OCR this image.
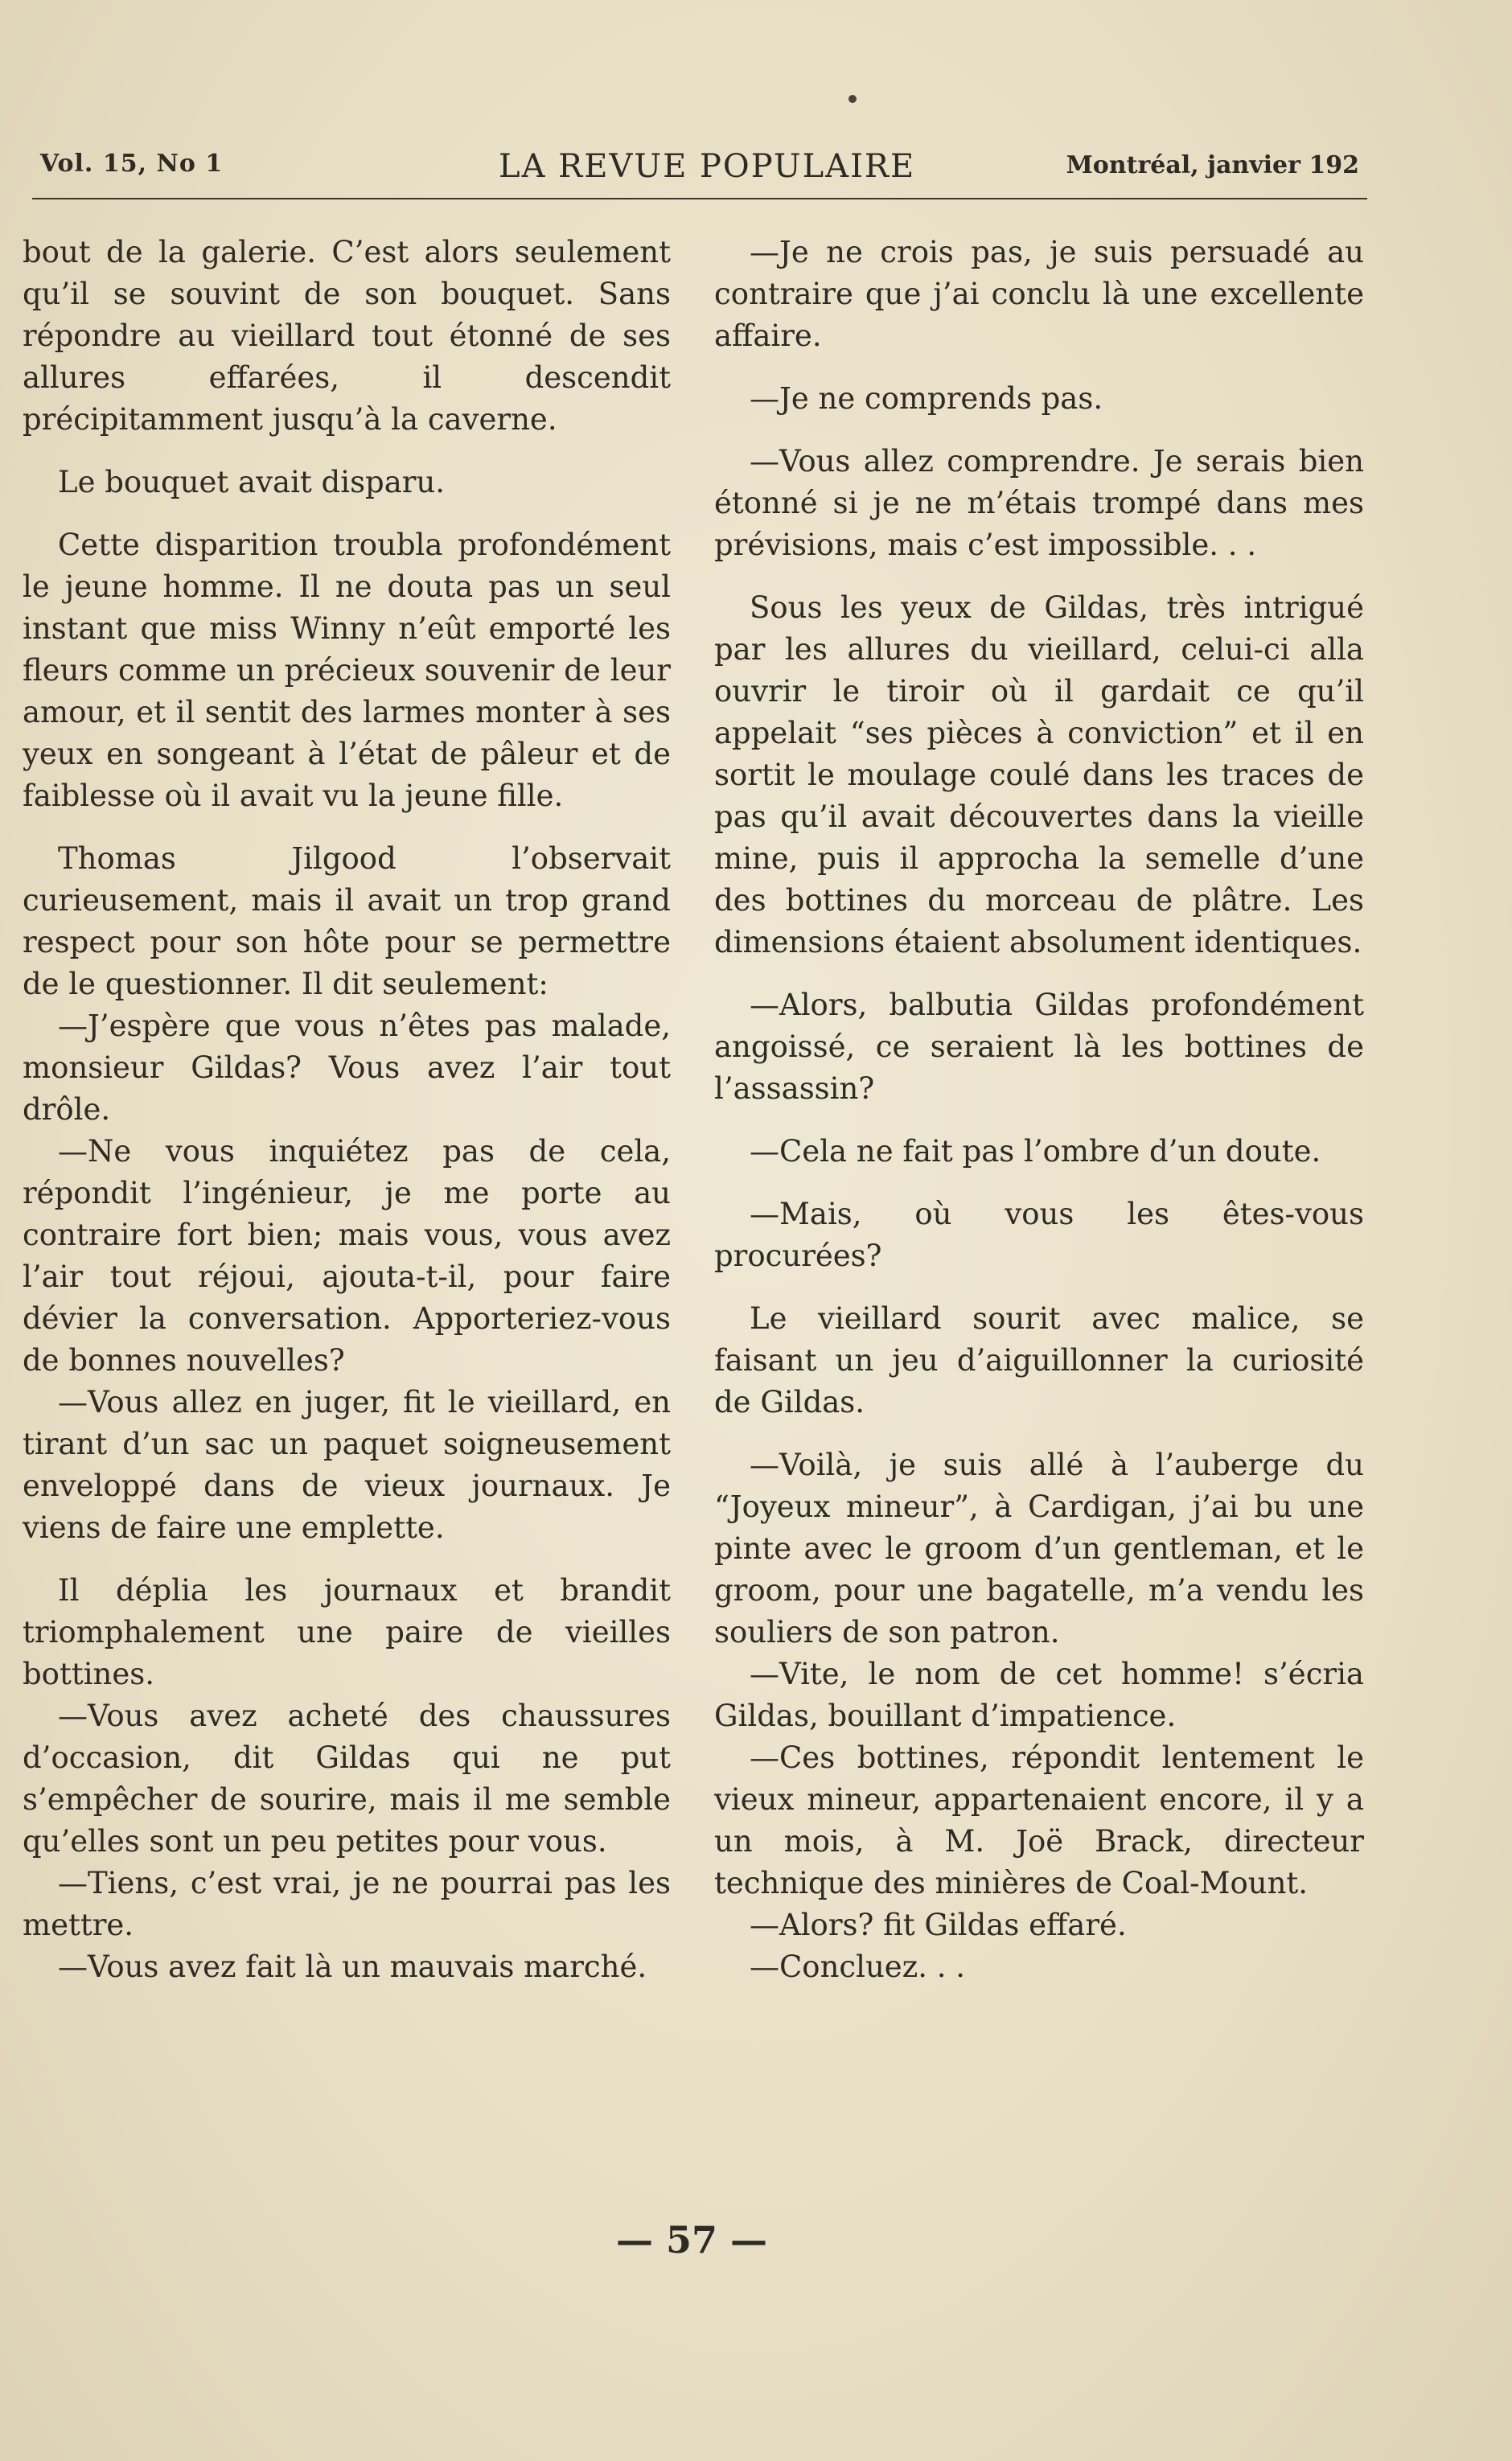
Vol. 15, No 1	LA REVUE POPULAIRE	Montréal, janvier 192

bout de la galerie. C’est alors seulement qu’il se souvint de son bouquet. Sans répondre au vieillard tout étonné de ses allures effarées, il descendit précipitamment jusqu’à la caverne.

Le bouquet avait disparu.

Cette disparition troubla profondément le jeune homme. Il ne douta pas un seul instant que miss Winny n’eût emporté les fleurs comme un précieux souvenir de leur amour, et il sentit des larmes monter à ses yeux en songeant à l’état de pâleur et de faiblesse où il avait vu la jeune fille.

Thomas Jilgood l’observait curieusement, mais il avait un trop grand respect pour son hôte pour se permettre de le questionner. Il dit seulement:

—J’espère que vous n’êtes pas malade, monsieur Gildas? Vous avez l’air tout drôle.

—Ne vous inquiétez pas de cela, répondit l’ingénieur, je me porte au contraire fort bien; mais vous, vous avez l’air tout réjoui, ajouta-t-il, pour faire dévier la conversation. Apporteriez-vous de bonnes nouvelles?

—Vous allez en juger, fit le vieillard, en tirant d’un sac un paquet soigneusement enveloppé dans de vieux journaux. Je viens de faire une emplette.

Il déplia les journaux et brandit triomphalement une paire de vieilles bottines.

—Vous avez acheté des chaussures d’occasion, dit Gildas qui ne put s’empêcher de sourire, mais il me semble qu’elles sont un peu petites pour vous.

—Tiens, c’est vrai, je ne pourrai pas les mettre.

—Vous avez fait là un mauvais marché.

—Je ne crois pas, je suis persuadé au contraire que j’ai conclu là une excellente affaire.

—Je ne comprends pas.

—Vous allez comprendre. Je serais bien étonné si je ne m’étais trompé dans mes prévisions, mais c’est impossible. . .

Sous les yeux de Gildas, très intrigué par les allures du vieillard, celui-ci alla ouvrir le tiroir où il gardait ce qu’il appelait “ses pièces à conviction” et il en sortit le moulage coulé dans les traces de pas qu’il avait découvertes dans la vieille mine, puis il approcha la semelle d’une des bottines du morceau de plâtre. Les dimensions étaient absolument identiques.

—Alors, balbutia Gildas profondément angoissé, ce seraient là les bottines de l’assassin?

—Cela ne fait pas l’ombre d’un doute.

—Mais, où vous les êtes-vous procurées?

Le vieillard sourit avec malice, se faisant un jeu d’aiguillonner la curiosité de Gildas.

—Voilà, je suis allé à l’auberge du “Joyeux mineur”, à Cardigan, j’ai bu une pinte avec le groom d’un gentleman, et le groom, pour une bagatelle, m’a vendu les souliers de son patron.

—Vite, le nom de cet homme! s’écria Gildas, bouillant d’impatience.

—Ces bottines, répondit lentement le vieux mineur, appartenaient encore, il y a un mois, à M. Joë Brack, directeur technique des minières de Coal-Mount.

—Alors? fit Gildas effaré.

—Concluez. . .

— 57 —
